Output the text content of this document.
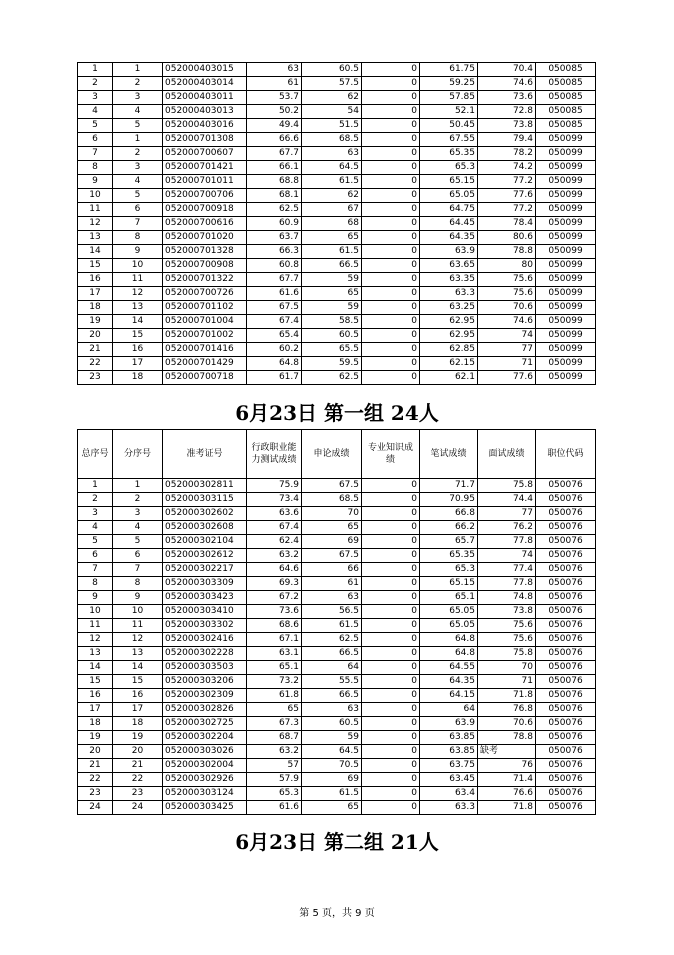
1	1	052000403015	63	60.5	0	61.75	70.4	050085
2	2	052000403014	61	57.5	0	59.25	74.6	050085
3	3	052000403011	53.7	62	0	57.85	73.6	050085
4	4	052000403013	50.2	54	0	52.1	72.8	050085
5	5	052000403016	49.4	51.5	0	50.45	73.8	050085
6	1	052000701308	66.6	68.5	0	67.55	79.4	050099
7	2	052000700607	67.7	63	0	65.35	78.2	050099
8	3	052000701421	66.1	64.5	0	65.3	74.2	050099
9	4	052000701011	68.8	61.5	0	65.15	77.2	050099
10	5	052000700706	68.1	62	0	65.05	77.6	050099
11	6	052000700918	62.5	67	0	64.75	77.2	050099
12	7	052000700616	60.9	68	0	64.45	78.4	050099
13	8	052000701020	63.7	65	0	64.35	80.6	050099
14	9	052000701328	66.3	61.5	0	63.9	78.8	050099
15	10	052000700908	60.8	66.5	0	63.65	80	050099
16	11	052000701322	67.7	59	0	63.35	75.6	050099
17	12	052000700726	61.6	65	0	63.3	75.6	050099
18	13	052000701102	67.5	59	0	63.25	70.6	050099
19	14	052000701004	67.4	58.5	0	62.95	74.6	050099
20	15	052000701002	65.4	60.5	0	62.95	74	050099
21	16	052000701416	60.2	65.5	0	62.85	77	050099
22	17	052000701429	64.8	59.5	0	62.15	71	050099
23	18	052000700718	61.7	62.5	0	62.1	77.6	050099
6月23日 第一组 24人
总序号	分序号	准考证号	行政职业能力测试成绩	申论成绩	专业知识成绩	笔试成绩	面试成绩	职位代码
1	1	052000302811	75.9	67.5	0	71.7	75.8	050076
2	2	052000303115	73.4	68.5	0	70.95	74.4	050076
3	3	052000302602	63.6	70	0	66.8	77	050076
4	4	052000302608	67.4	65	0	66.2	76.2	050076
5	5	052000302104	62.4	69	0	65.7	77.8	050076
6	6	052000302612	63.2	67.5	0	65.35	74	050076
7	7	052000302217	64.6	66	0	65.3	77.4	050076
8	8	052000303309	69.3	61	0	65.15	77.8	050076
9	9	052000303423	67.2	63	0	65.1	74.8	050076
10	10	052000303410	73.6	56.5	0	65.05	73.8	050076
11	11	052000303302	68.6	61.5	0	65.05	75.6	050076
12	12	052000302416	67.1	62.5	0	64.8	75.6	050076
13	13	052000302228	63.1	66.5	0	64.8	75.8	050076
14	14	052000303503	65.1	64	0	64.55	70	050076
15	15	052000303206	73.2	55.5	0	64.35	71	050076
16	16	052000302309	61.8	66.5	0	64.15	71.8	050076
17	17	052000302826	65	63	0	64	76.8	050076
18	18	052000302725	67.3	60.5	0	63.9	70.6	050076
19	19	052000302204	68.7	59	0	63.85	78.8	050076
20	20	052000303026	63.2	64.5	0	63.85	缺考	050076
21	21	052000302004	57	70.5	0	63.75	76	050076
22	22	052000302926	57.9	69	0	63.45	71.4	050076
23	23	052000303124	65.3	61.5	0	63.4	76.6	050076
24	24	052000303425	61.6	65	0	63.3	71.8	050076
6月23日 第二组 21人
第 5 页，共 9 页
